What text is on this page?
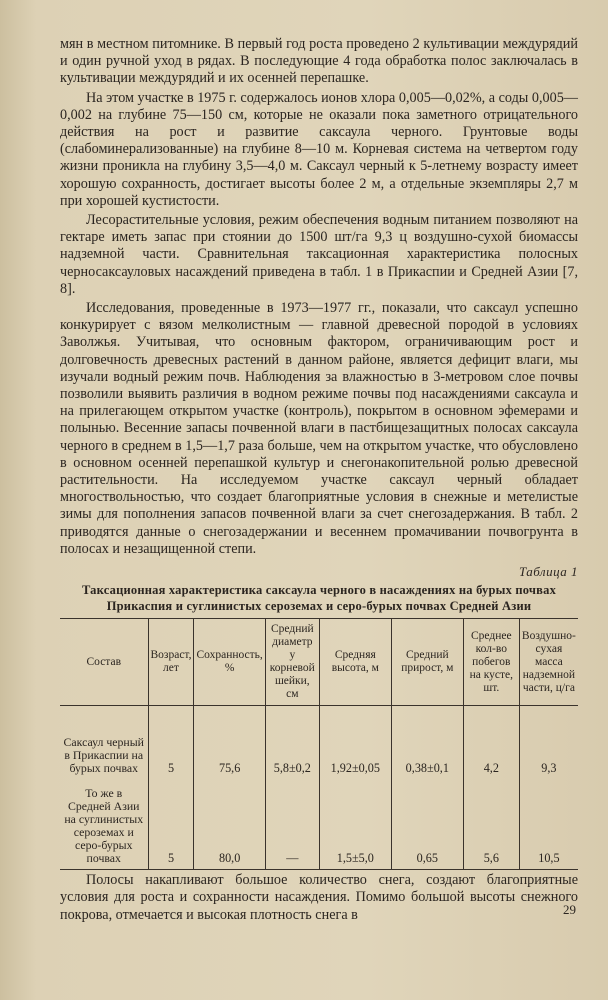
мян в местном питомнике. В первый год роста проведено 2 культивации междурядий и один ручной уход в рядах. В последующие 4 года обработка полос заключалась в культивации междурядий и их осенней перепашке.

На этом участке в 1975 г. содержалось ионов хлора 0,005—0,02%, а соды 0,005—0,002 на глубине 75—150 см, которые не оказали пока заметного отрицательного действия на рост и развитие саксаула черного. Грунтовые воды (слабоминерализованные) на глубине 8—10 м. Корневая система на четвертом году жизни проникла на глубину 3,5—4,0 м. Саксаул черный к 5-летнему возрасту имеет хорошую сохранность, достигает высоты более 2 м, а отдельные экземпляры 2,7 м при хорошей кустистости.

Лесорастительные условия, режим обеспечения водным питанием позволяют на гектаре иметь запас при стоянии до 1500 шт/га 9,3 ц воздушно-сухой биомассы надземной части. Сравнительная таксационная характеристика полосных черносаксауловых насаждений приведена в табл. 1 в Прикаспии и Средней Азии [7, 8].

Исследования, проведенные в 1973—1977 гг., показали, что саксаул успешно конкурирует с вязом мелколистным — главной древесной породой в условиях Заволжья. Учитывая, что основным фактором, ограничивающим рост и долговечность древесных растений в данном районе, является дефицит влаги, мы изучали водный режим почв. Наблюдения за влажностью в 3-метровом слое почвы позволили выявить различия в водном режиме почвы под насаждениями саксаула и на прилегающем открытом участке (контроль), покрытом в основном эфемерами и полынью. Весенние запасы почвенной влаги в пастбищезащитных полосах саксаула черного в среднем в 1,5—1,7 раза больше, чем на открытом участке, что обусловлено в основном осенней перепашкой культур и снегонакопительной ролью древесной растительности. На исследуемом участке саксаул черный обладает многоствольностью, что создает благоприятные условия в снежные и метелистые зимы для пополнения запасов почвенной влаги за счет снегозадержания. В табл. 2 приводятся данные о снегозадержании и весеннем промачивании почвогрунта в полосах и незащищенной степи.

Таблица 1
Таксационная характеристика саксаула черного в насаждениях на бурых почвах
Прикаспия и суглинистых сероземах и серо-бурых почвах Средней Азии
Состав	Возраст, лет	Сохранность, %	Средний диаметр у корневой шейки, см	Средняя высота, м	Средний прирост, м	Среднее кол-во побегов на кусте, шт.	Воздушно-сухая масса надземной части, ц/га
Саксаул черный в Прикаспии на бурых почвах	5	75,6	5,8±0,2	1,92±0,05	0,38±0,1	4,2	9,3
То же в Средней Азии на суглинистых сероземах и серо-бурых почвах	5	80,0	—	1,5±5,0	0,65	5,6	10,5

Полосы накапливают большое количество снега, создают благоприятные условия для роста и сохранности насаждения. Помимо большой высоты снежного покрова, отмечается и высокая плотность снега в	29
